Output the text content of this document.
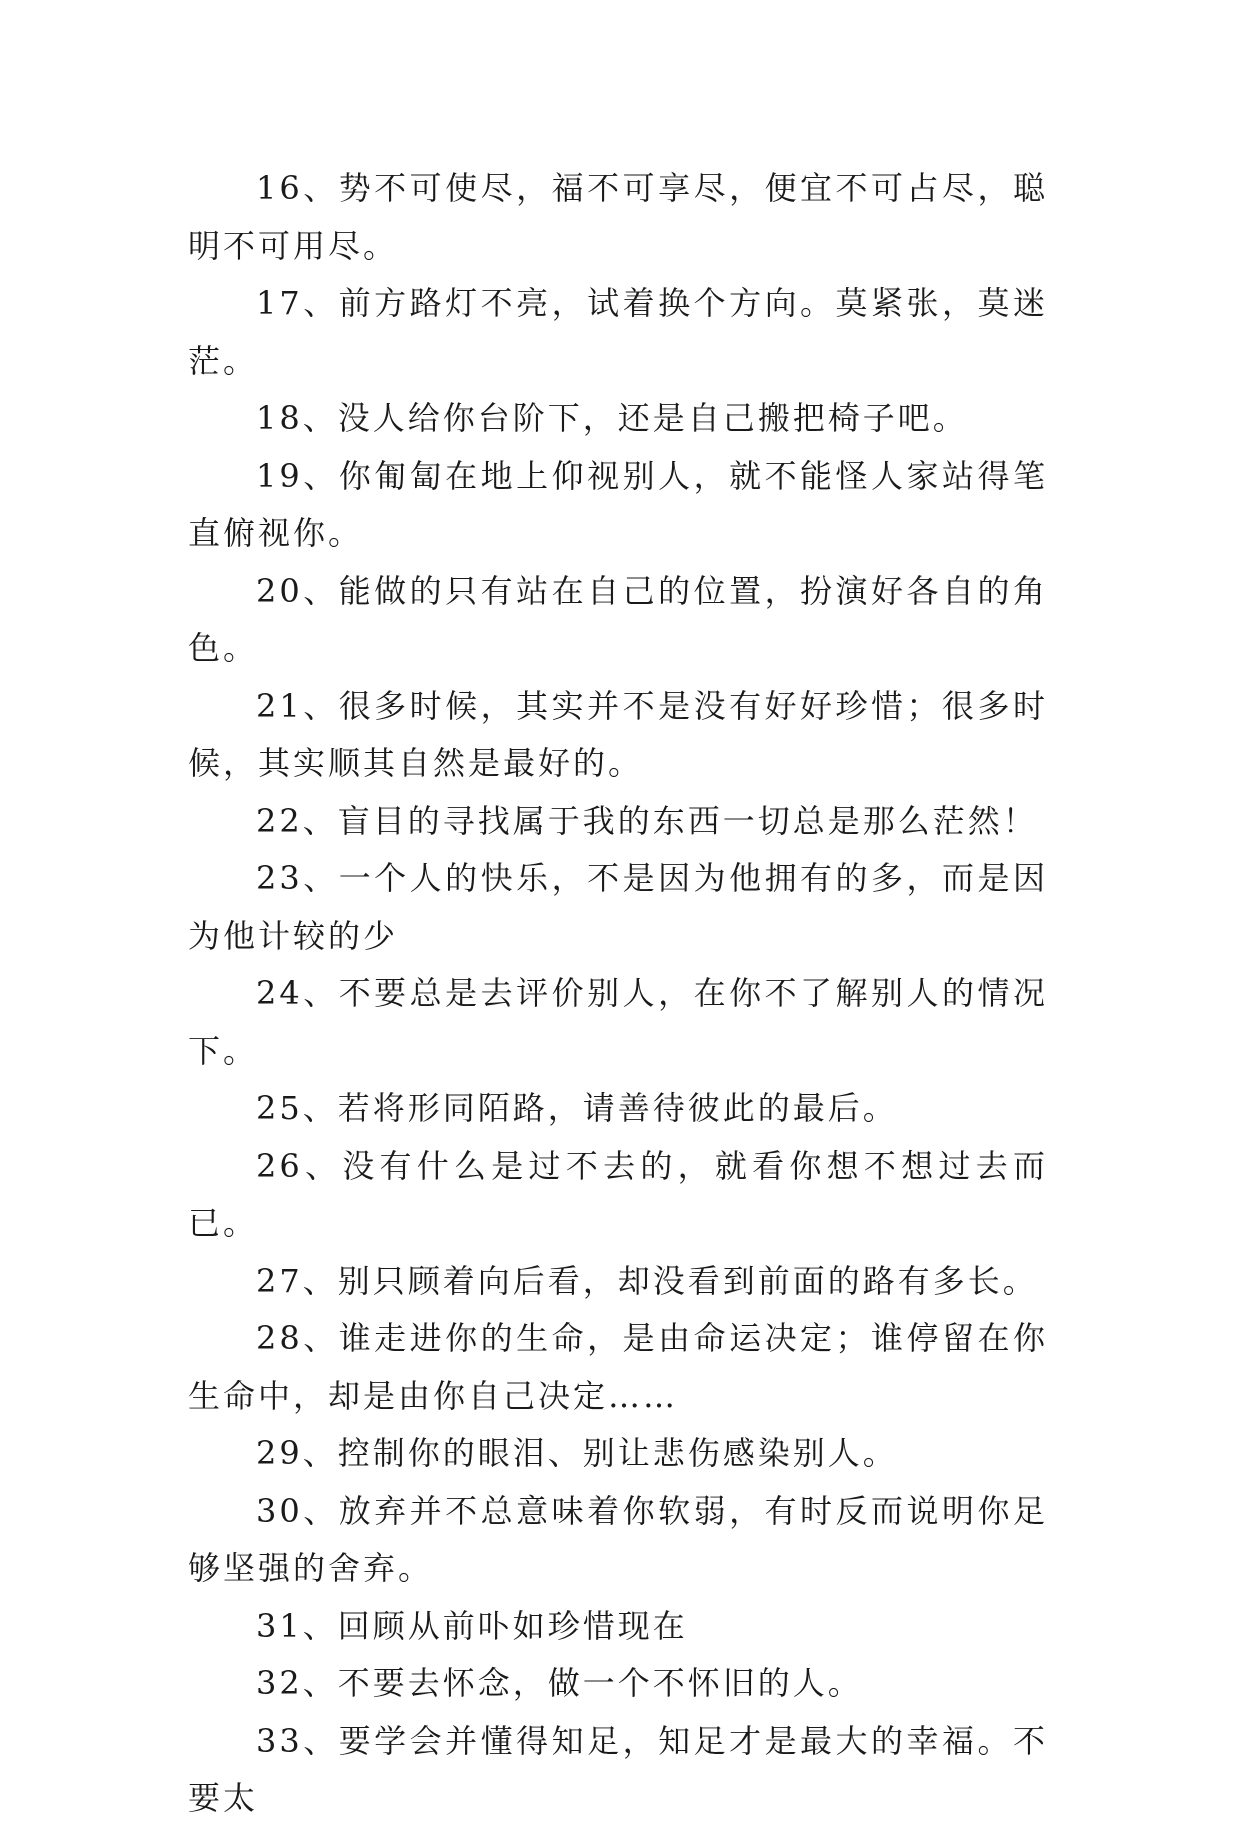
16、势不可使尽，福不可享尽，便宜不可占尽，聪明不可用尽。

17、前方路灯不亮，试着换个方向。莫紧张，莫迷茫。

18、没人给你台阶下，还是自己搬把椅子吧。

19、你匍匐在地上仰视别人，就不能怪人家站得笔直俯视你。

20、能做的只有站在自己的位置，扮演好各自的角色。

21、很多时候，其实并不是没有好好珍惜；很多时候，其实顺其自然是最好的。

22、盲目的寻找属于我的东西一切总是那么茫然！

23、一个人的快乐，不是因为他拥有的多，而是因为他计较的少

24、不要总是去评价别人，在你不了解别人的情况下。

25、若将形同陌路，请善待彼此的最后。

26、没有什么是过不去的，就看你想不想过去而已。

27、别只顾着向后看，却没看到前面的路有多长。

28、谁走进你的生命，是由命运决定；谁停留在你生命中，却是由你自己决定……

29、控制你的眼泪、别让悲伤感染别人。

30、放弃并不总意味着你软弱，有时反而说明你足够坚强的舍弃。

31、回顾从前卟如珍惜现在

32、不要去怀念，做一个不怀旧的人。

33、要学会并懂得知足，知足才是最大的幸福。不要太
